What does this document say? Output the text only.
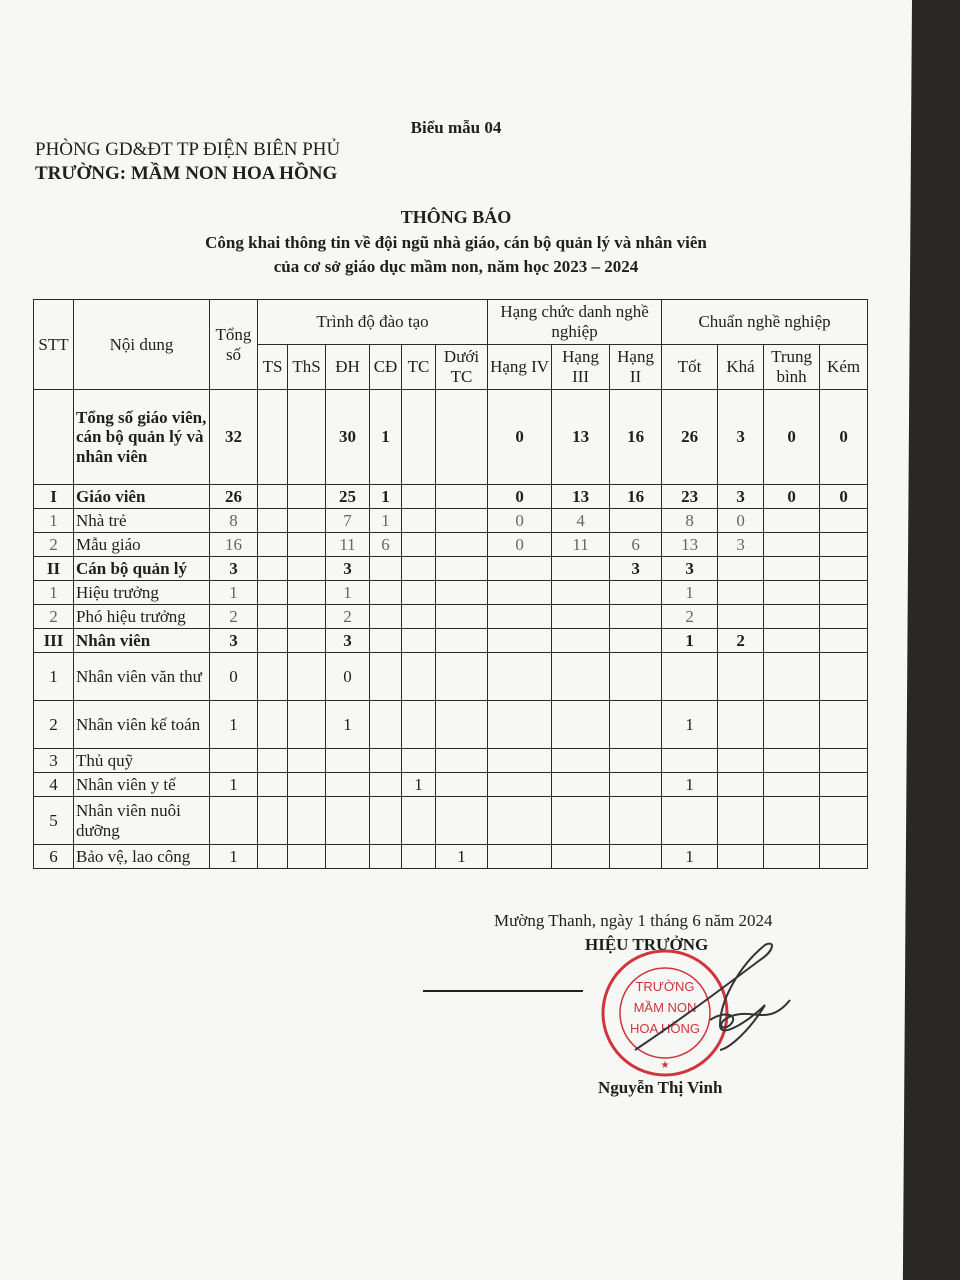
Biểu mẫu 04
PHÒNG GD&ĐT TP ĐIỆN BIÊN PHỦ
TRƯỜNG: MẦM NON HOA HỒNG
THÔNG BÁO
Công khai thông tin về đội ngũ nhà giáo, cán bộ quản lý và nhân viên
của cơ sở giáo dục mầm non, năm học 2023 – 2024
STT	Nội dung	Tổng số	Trình độ đào tạo						Hạng chức danh nghề nghiệp			Chuẩn nghề nghiệp			
			TS	ThS	ĐH	CĐ	TC	Dưới TC	Hạng IV	Hạng III	Hạng II	Tốt	Khá	Trung bình	Kém
	Tổng số giáo viên, cán bộ quản lý và nhân viên	32			30	1			0	13	16	26	3	0	0
I	Giáo viên	26			25	1			0	13	16	23	3	0	0
1	Nhà trẻ	8			7	1			0	4		8	0		
2	Mẫu giáo	16			11	6			0	11	6	13	3		
II	Cán bộ quản lý	3			3						3	3			
1	Hiệu trưởng	1			1							1			
2	Phó hiệu trưởng	2			2							2			
III	Nhân viên	3			3							1	2		
1	Nhân viên văn thư	0			0										
2	Nhân viên kế toán	1			1							1			
3	Thủ quỹ														
4	Nhân viên y tế	1					1					1			
5	Nhân viên nuôi dưỡng														
6	Bảo vệ, lao công	1						1				1			
Mường Thanh, ngày 1 tháng 6 năm 2024
HIỆU TRƯỞNG
TRƯỜNG
MẦM NON
HOA HỒNG
★
Nguyễn Thị Vinh
